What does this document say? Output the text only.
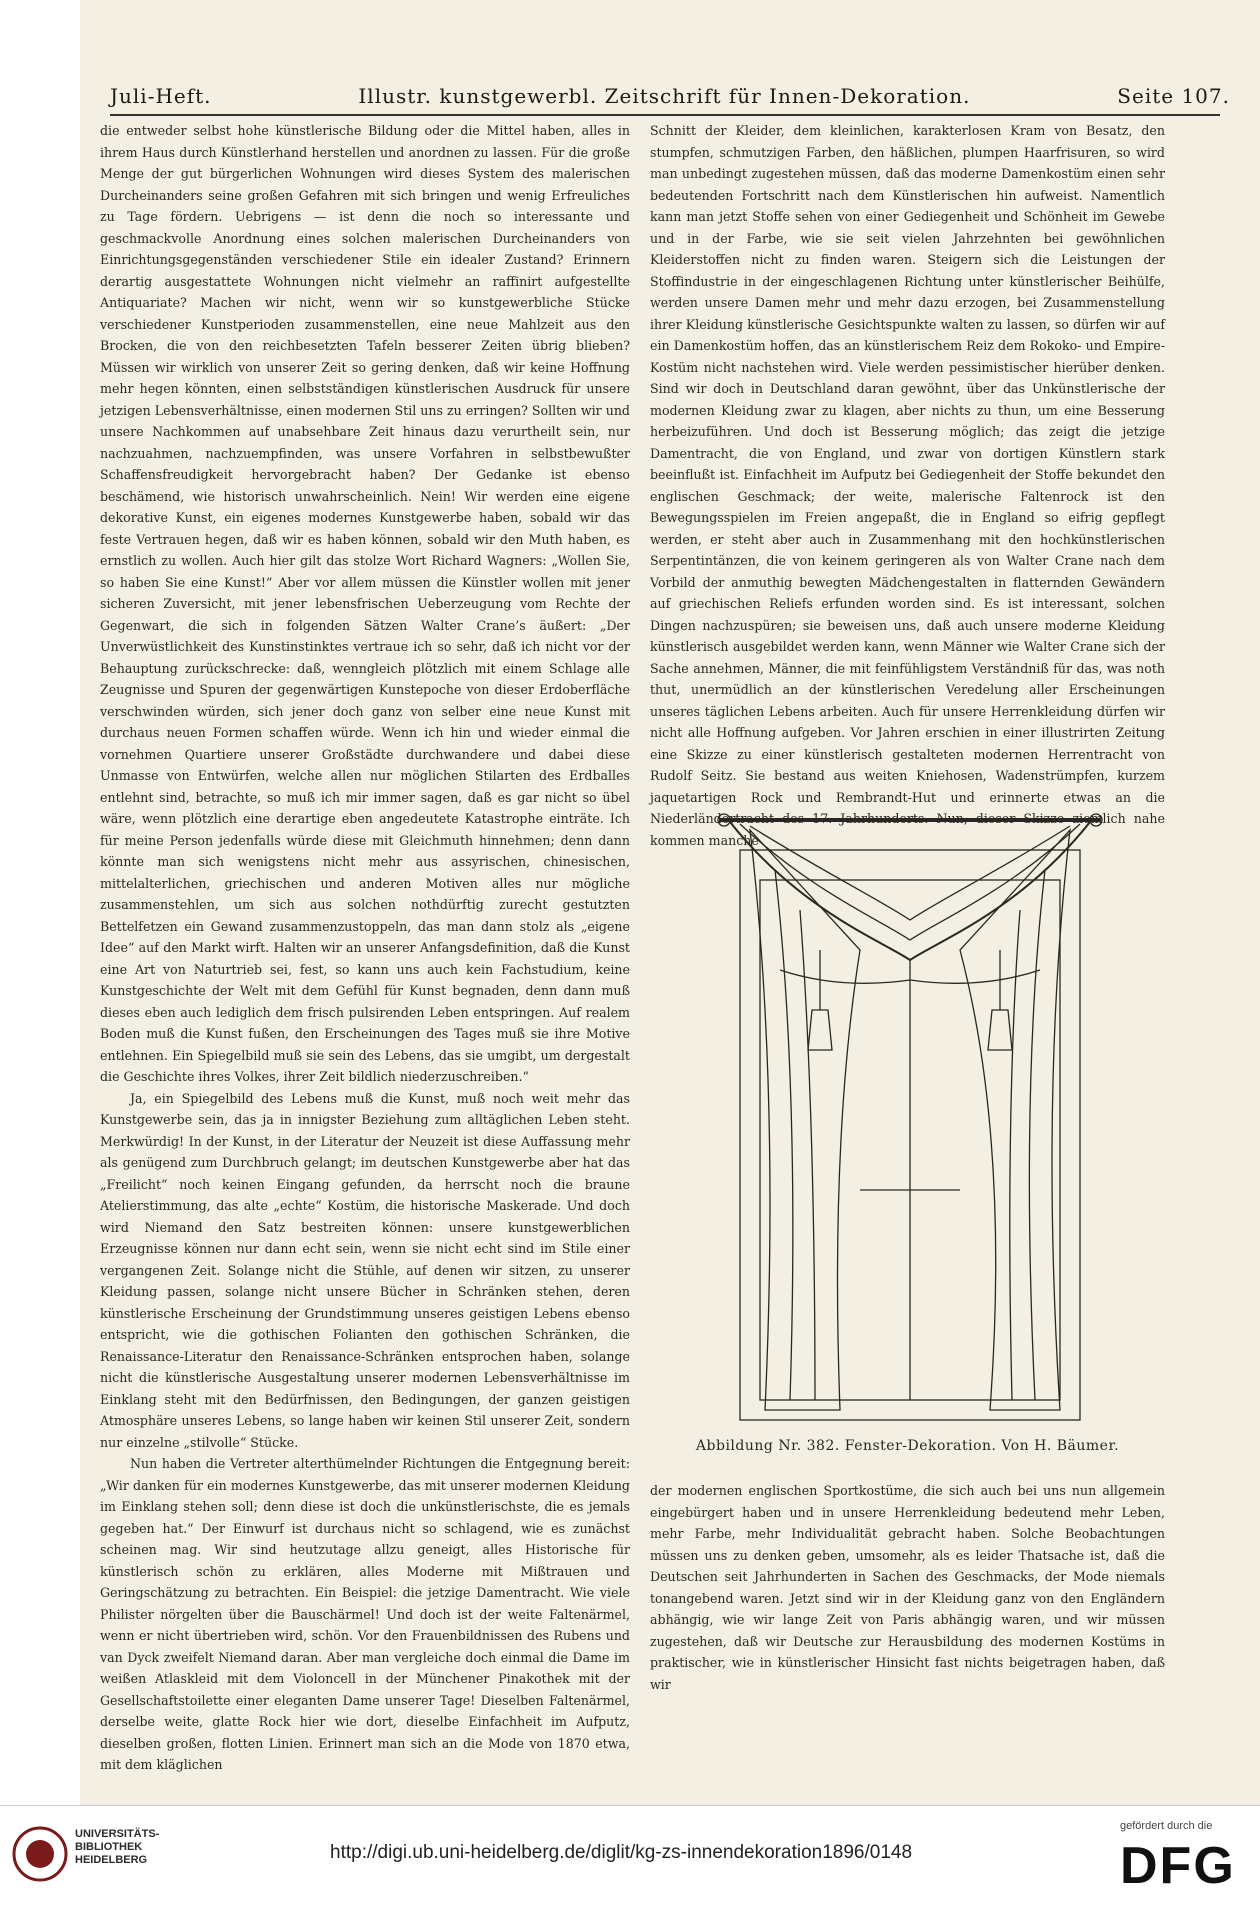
Juli-Heft.	Illustr. kunstgewerbl. Zeitschrift für Innen-Dekoration.	Seite 107.

die entweder selbst hohe künstlerische Bildung oder die Mittel haben, alles in ihrem Haus durch Künstlerhand herstellen und anordnen zu lassen. Für die große Menge der gut bürgerlichen Wohnungen wird dieses System des malerischen Durcheinanders seine großen Gefahren mit sich bringen und wenig Erfreuliches zu Tage fördern. Uebrigens — ist denn die noch so interessante und geschmackvolle Anordnung eines solchen malerischen Durcheinanders von Einrichtungsgegenständen verschiedener Stile ein idealer Zustand? Erinnern derartig ausgestattete Wohnungen nicht vielmehr an raffinirt aufgestellte Antiquariate? Machen wir nicht, wenn wir so kunstgewerbliche Stücke verschiedener Kunstperioden zusammenstellen, eine neue Mahlzeit aus den Brocken, die von den reichbesetzten Tafeln besserer Zeiten übrig blieben? Müssen wir wirklich von unserer Zeit so gering denken, daß wir keine Hoffnung mehr hegen könnten, einen selbstständigen künstlerischen Ausdruck für unsere jetzigen Lebensverhältnisse, einen modernen Stil uns zu erringen? Sollten wir und unsere Nachkommen auf unabsehbare Zeit hinaus dazu verurtheilt sein, nur nachzuahmen, nachzuempfinden, was unsere Vorfahren in selbstbewußter Schaffensfreudigkeit hervorgebracht haben? Der Gedanke ist ebenso beschämend, wie historisch unwahrscheinlich. Nein! Wir werden eine eigene dekorative Kunst, ein eigenes modernes Kunstgewerbe haben, sobald wir das feste Vertrauen hegen, daß wir es haben können, sobald wir den Muth haben, es ernstlich zu wollen. Auch hier gilt das stolze Wort Richard Wagners: „Wollen Sie, so haben Sie eine Kunst!“ Aber vor allem müssen die Künstler wollen mit jener sicheren Zuversicht, mit jener lebensfrischen Ueberzeugung vom Rechte der Gegenwart, die sich in folgenden Sätzen Walter Crane’s äußert: „Der Unverwüstlichkeit des Kunstinstinktes vertraue ich so sehr, daß ich nicht vor der Behauptung zurückschrecke: daß, wenngleich plötzlich mit einem Schlage alle Zeugnisse und Spuren der gegenwärtigen Kunstepoche von dieser Erdoberfläche verschwinden würden, sich jener doch ganz von selber eine neue Kunst mit durchaus neuen Formen schaffen würde. Wenn ich hin und wieder einmal die vornehmen Quartiere unserer Großstädte durchwandere und dabei diese Unmasse von Entwürfen, welche allen nur möglichen Stilarten des Erdballes entlehnt sind, betrachte, so muß ich mir immer sagen, daß es gar nicht so übel wäre, wenn plötzlich eine derartige eben angedeutete Katastrophe einträte. Ich für meine Person jedenfalls würde diese mit Gleichmuth hinnehmen; denn dann könnte man sich wenigstens nicht mehr aus assyrischen, chinesischen, mittelalterlichen, griechischen und anderen Motiven alles nur mögliche zusammenstehlen, um sich aus solchen nothdürftig zurecht gestutzten Bettelfetzen ein Gewand zusammenzustoppeln, das man dann stolz als „eigene Idee“ auf den Markt wirft. Halten wir an unserer Anfangsdefinition, daß die Kunst eine Art von Naturtrieb sei, fest, so kann uns auch kein Fachstudium, keine Kunstgeschichte der Welt mit dem Gefühl für Kunst begnaden, denn dann muß dieses eben auch lediglich dem frisch pulsirenden Leben entspringen. Auf realem Boden muß die Kunst fußen, den Erscheinungen des Tages muß sie ihre Motive entlehnen. Ein Spiegelbild muß sie sein des Lebens, das sie umgibt, um dergestalt die Geschichte ihres Volkes, ihrer Zeit bildlich niederzuschreiben.“

Ja, ein Spiegelbild des Lebens muß die Kunst, muß noch weit mehr das Kunstgewerbe sein, das ja in innigster Beziehung zum alltäglichen Leben steht. Merkwürdig! In der Kunst, in der Literatur der Neuzeit ist diese Auffassung mehr als genügend zum Durchbruch gelangt; im deutschen Kunstgewerbe aber hat das „Freilicht“ noch keinen Eingang gefunden, da herrscht noch die braune Atelierstimmung, das alte „echte“ Kostüm, die historische Maskerade. Und doch wird Niemand den Satz bestreiten können: unsere kunstgewerblichen Erzeugnisse können nur dann echt sein, wenn sie nicht echt sind im Stile einer vergangenen Zeit. Solange nicht die Stühle, auf denen wir sitzen, zu unserer Kleidung passen, solange nicht unsere Bücher in Schränken stehen, deren künstlerische Erscheinung der Grundstimmung unseres geistigen Lebens ebenso entspricht, wie die gothischen Folianten den gothischen Schränken, die Renaissance-Literatur den Renaissance-Schränken entsprochen haben, solange nicht die künstlerische Ausgestaltung unserer modernen Lebensverhältnisse im Einklang steht mit den Bedürfnissen, den Bedingungen, der ganzen geistigen Atmosphäre unseres Lebens, so lange haben wir keinen Stil unserer Zeit, sondern nur einzelne „stilvolle“ Stücke.

Nun haben die Vertreter alterthümelnder Richtungen die Entgegnung bereit: „Wir danken für ein modernes Kunstgewerbe, das mit unserer modernen Kleidung im Einklang stehen soll; denn diese ist doch die unkünstlerischste, die es jemals gegeben hat.“ Der Einwurf ist durchaus nicht so schlagend, wie es zunächst scheinen mag. Wir sind heutzutage allzu geneigt, alles Historische für künstlerisch schön zu erklären, alles Moderne mit Mißtrauen und Geringschätzung zu betrachten. Ein Beispiel: die jetzige Damentracht. Wie viele Philister nörgelten über die Bauschärmel! Und doch ist der weite Faltenärmel, wenn er nicht übertrieben wird, schön. Vor den Frauenbildnissen des Rubens und van Dyck zweifelt Niemand daran. Aber man vergleiche doch einmal die Dame im weißen Atlaskleid mit dem Violoncell in der Münchener Pinakothek mit der Gesellschaftstoilette einer eleganten Dame unserer Tage! Dieselben Faltenärmel, derselbe weite, glatte Rock hier wie dort, dieselbe Einfachheit im Aufputz, dieselben großen, flotten Linien. Erinnert man sich an die Mode von 1870 etwa, mit dem kläglichen

Schnitt der Kleider, dem kleinlichen, karakterlosen Kram von Besatz, den stumpfen, schmutzigen Farben, den häßlichen, plumpen Haarfrisuren, so wird man unbedingt zugestehen müssen, daß das moderne Damenkostüm einen sehr bedeutenden Fortschritt nach dem Künstlerischen hin aufweist. Namentlich kann man jetzt Stoffe sehen von einer Gediegenheit und Schönheit im Gewebe und in der Farbe, wie sie seit vielen Jahrzehnten bei gewöhnlichen Kleiderstoffen nicht zu finden waren. Steigern sich die Leistungen der Stoffindustrie in der eingeschlagenen Richtung unter künstlerischer Beihülfe, werden unsere Damen mehr und mehr dazu erzogen, bei Zusammenstellung ihrer Kleidung künstlerische Gesichtspunkte walten zu lassen, so dürfen wir auf ein Damenkostüm hoffen, das an künstlerischem Reiz dem Rokoko- und Empire-Kostüm nicht nachstehen wird. Viele werden pessimistischer hierüber denken. Sind wir doch in Deutschland daran gewöhnt, über das Unkünstlerische der modernen Kleidung zwar zu klagen, aber nichts zu thun, um eine Besserung herbeizuführen. Und doch ist Besserung möglich; das zeigt die jetzige Damentracht, die von England, und zwar von dortigen Künstlern stark beeinflußt ist. Einfachheit im Aufputz bei Gediegenheit der Stoffe bekundet den englischen Geschmack; der weite, malerische Faltenrock ist den Bewegungsspielen im Freien angepaßt, die in England so eifrig gepflegt werden, er steht aber auch in Zusammenhang mit den hochkünstlerischen Serpentintänzen, die von keinem geringeren als von Walter Crane nach dem Vorbild der anmuthig bewegten Mädchengestalten in flatternden Gewändern auf griechischen Reliefs erfunden worden sind. Es ist interessant, solchen Dingen nachzuspüren; sie beweisen uns, daß auch unsere moderne Kleidung künstlerisch ausgebildet werden kann, wenn Männer wie Walter Crane sich der Sache annehmen, Männer, die mit feinfühligstem Verständniß für das, was noth thut, unermüdlich an der künstlerischen Veredelung aller Erscheinungen unseres täglichen Lebens arbeiten. Auch für unsere Herrenkleidung dürfen wir nicht alle Hoffnung aufgeben. Vor Jahren erschien in einer illustrirten Zeitung eine Skizze zu einer künstlerisch gestalteten modernen Herrentracht von Rudolf Seitz. Sie bestand aus weiten Kniehosen, Wadenstrümpfen, kurzem jaquetartigen Rock und Rembrandt-Hut und erinnerte etwas an die Niederländertracht des 17. Jahrhunderts. Nun, dieser Skizze ziemlich nahe kommen manche

Abbildung Nr. 382. Fenster-Dekoration. Von H. Bäumer.

der modernen englischen Sportkostüme, die sich auch bei uns nun allgemein eingebürgert haben und in unsere Herrenkleidung bedeutend mehr Leben, mehr Farbe, mehr Individualität gebracht haben. Solche Beobachtungen müssen uns zu denken geben, umsomehr, als es leider Thatsache ist, daß die Deutschen seit Jahrhunderten in Sachen des Geschmacks, der Mode niemals tonangebend waren. Jetzt sind wir in der Kleidung ganz von den Engländern abhängig, wie wir lange Zeit von Paris abhängig waren, und wir müssen zugestehen, daß wir Deutsche zur Herausbildung des modernen Kostüms in praktischer, wie in künstlerischer Hinsicht fast nichts beigetragen haben, daß wir

UNIVERSITÄTS-
BIBLIOTHEK
HEIDELBERG	http://digi.ub.uni-heidelberg.de/diglit/kg-zs-innendekoration1896/0148
gefördert durch die
DFG
